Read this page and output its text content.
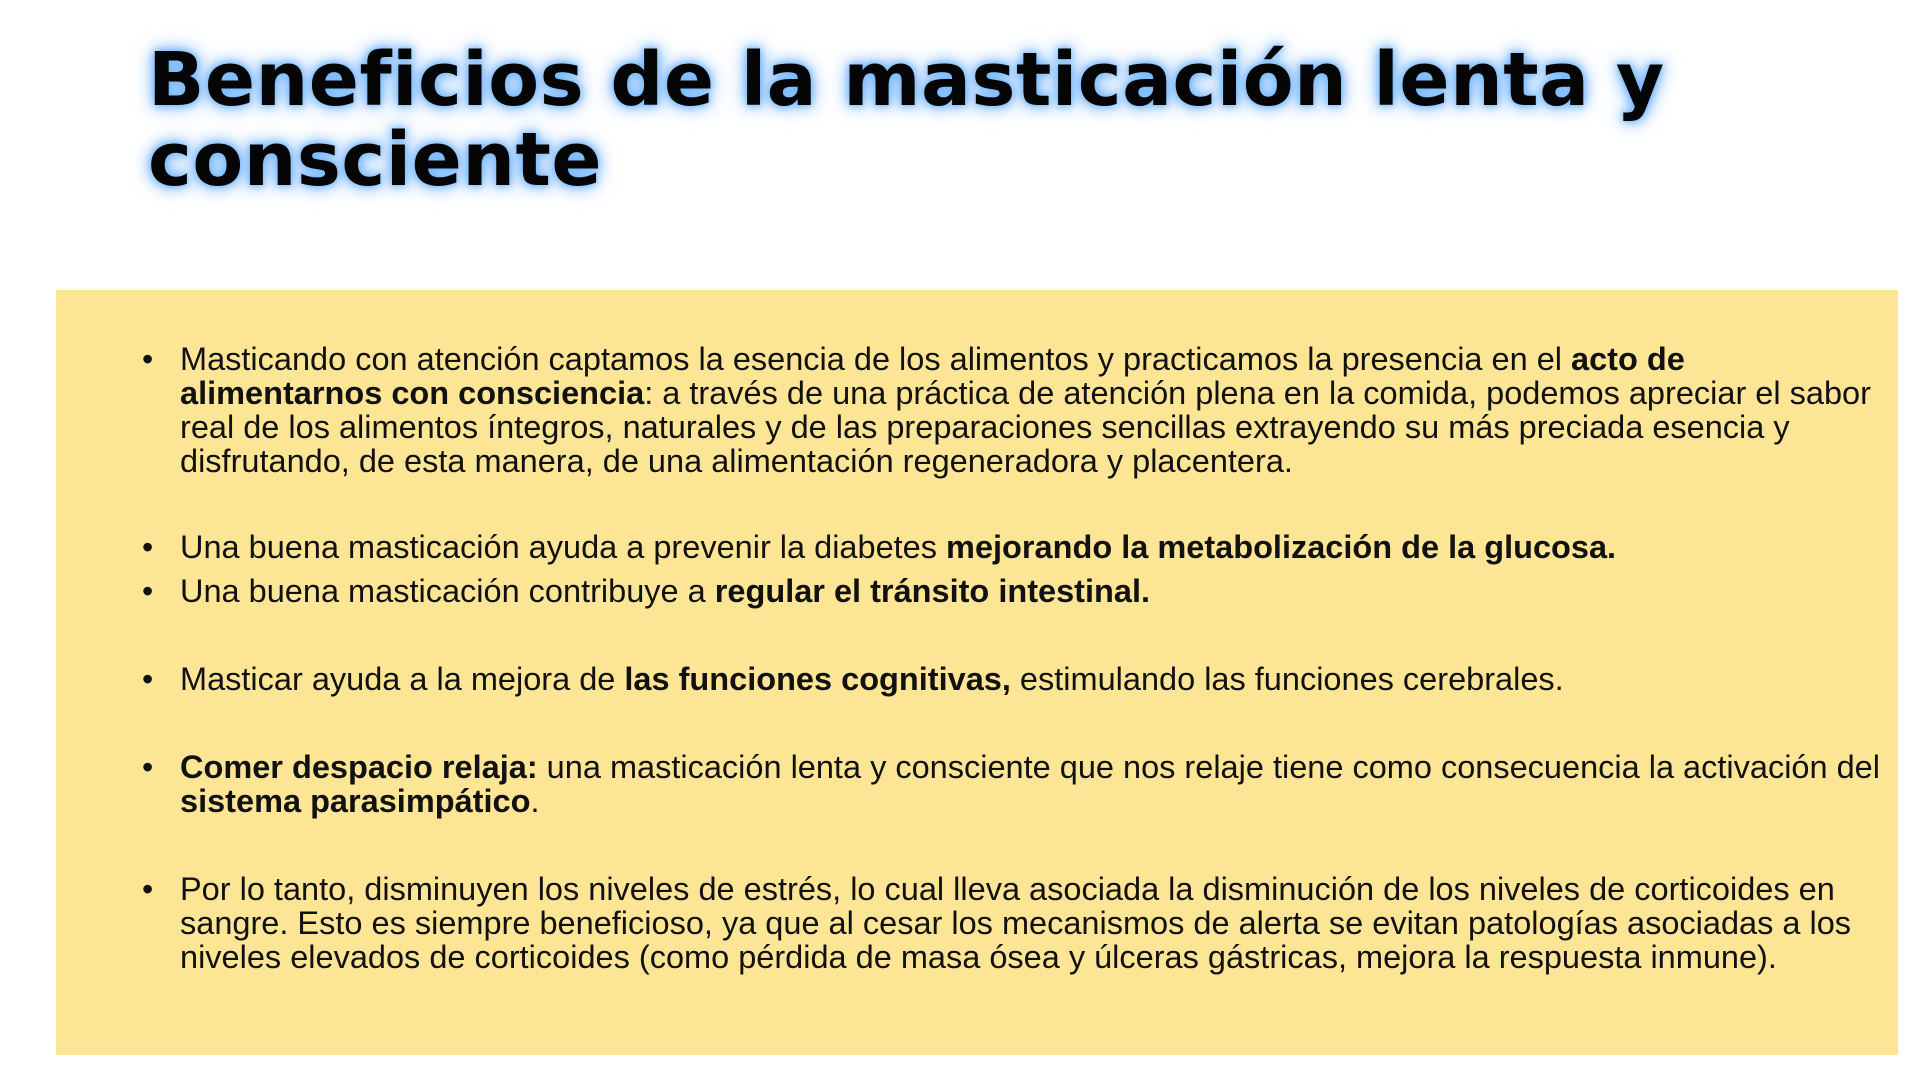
Beneficios de la masticación lenta y consciente
• Masticando con atención captamos la esencia de los alimentos y practicamos la presencia en el acto de alimentarnos con consciencia: a través de una práctica de atención plena en la comida, podemos apreciar el sabor real de los alimentos íntegros, naturales y de las preparaciones sencillas extrayendo su más preciada esencia y disfrutando, de esta manera, de una alimentación regeneradora y placentera.
• Una buena masticación ayuda a prevenir la diabetes mejorando la metabolización de la glucosa.
• Una buena masticación contribuye a regular el tránsito intestinal.
• Masticar ayuda a la mejora de las funciones cognitivas, estimulando las funciones cerebrales.
• Comer despacio relaja: una masticación lenta y consciente que nos relaje tiene como consecuencia la activación del sistema parasimpático.
• Por lo tanto, disminuyen los niveles de estrés, lo cual lleva asociada la disminución de los niveles de corticoides en sangre. Esto es siempre beneficioso, ya que al cesar los mecanismos de alerta se evitan patologías asociadas a los niveles elevados de corticoides (como pérdida de masa ósea y úlceras gástricas, mejora la respuesta inmune).
